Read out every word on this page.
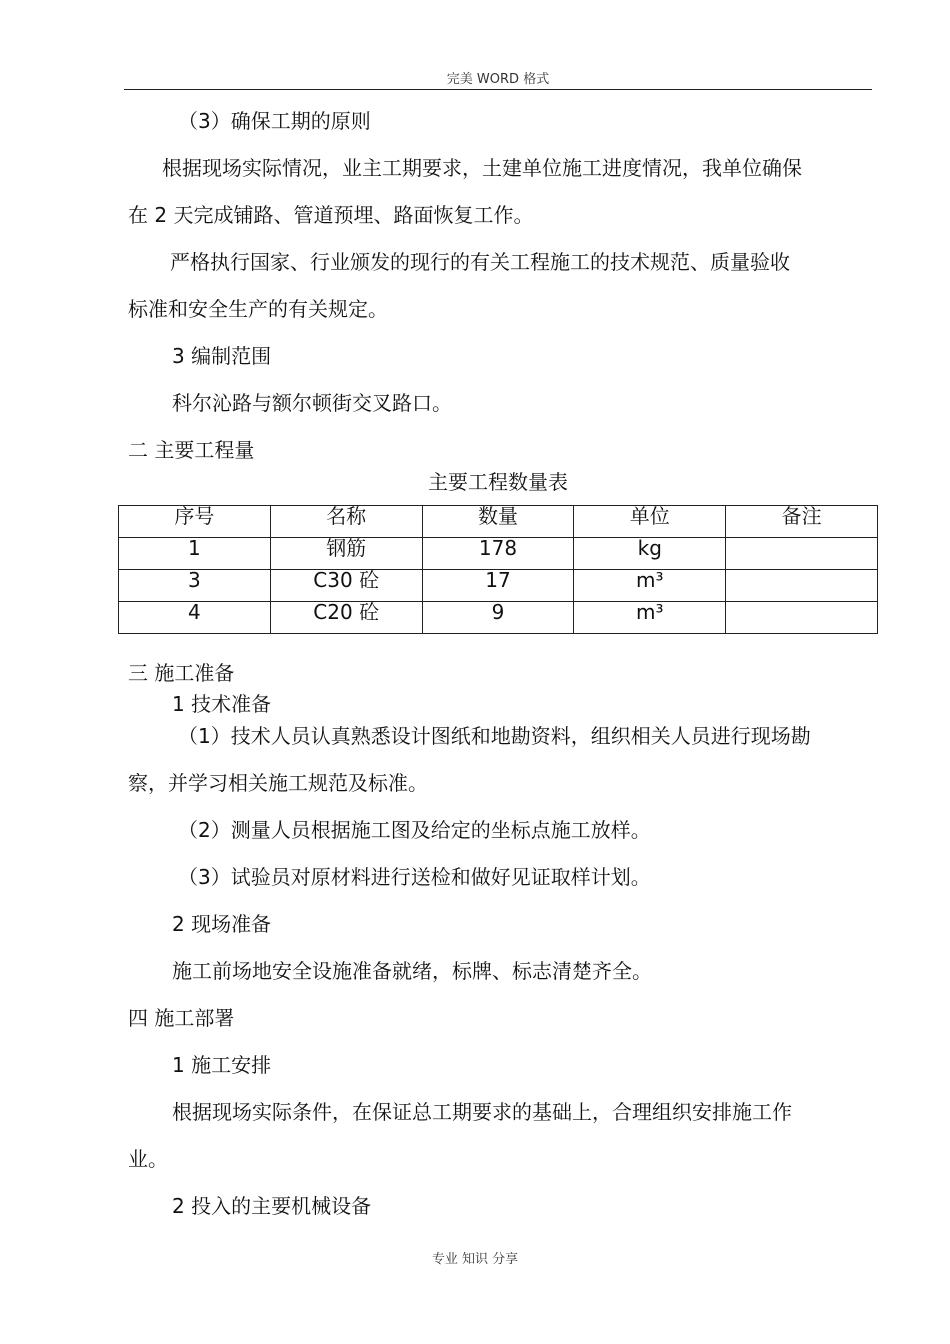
完美 WORD 格式
（3）确保工期的原则
根据现场实际情况，业主工期要求，土建单位施工进度情况，我单位确保
在 2 天完成铺路、管道预埋、路面恢复工作。
严格执行国家、行业颁发的现行的有关工程施工的技术规范、质量验收
标准和安全生产的有关规定。
3 编制范围
科尔沁路与额尔顿街交叉路口。
二 主要工程量
主要工程数量表
序号	名称	数量	单位	备注
1	钢筋	178	kg	
3	C30 砼	17	m³	
4	C20 砼	9	m³	
三 施工准备
1 技术准备
（1）技术人员认真熟悉设计图纸和地勘资料，组织相关人员进行现场勘
察，并学习相关施工规范及标准。
（2）测量人员根据施工图及给定的坐标点施工放样。
（3）试验员对原材料进行送检和做好见证取样计划。
2 现场准备
施工前场地安全设施准备就绪，标牌、标志清楚齐全。
四 施工部署
1 施工安排
根据现场实际条件，在保证总工期要求的基础上，合理组织安排施工作
业。
2 投入的主要机械设备
专业 知识 分享
